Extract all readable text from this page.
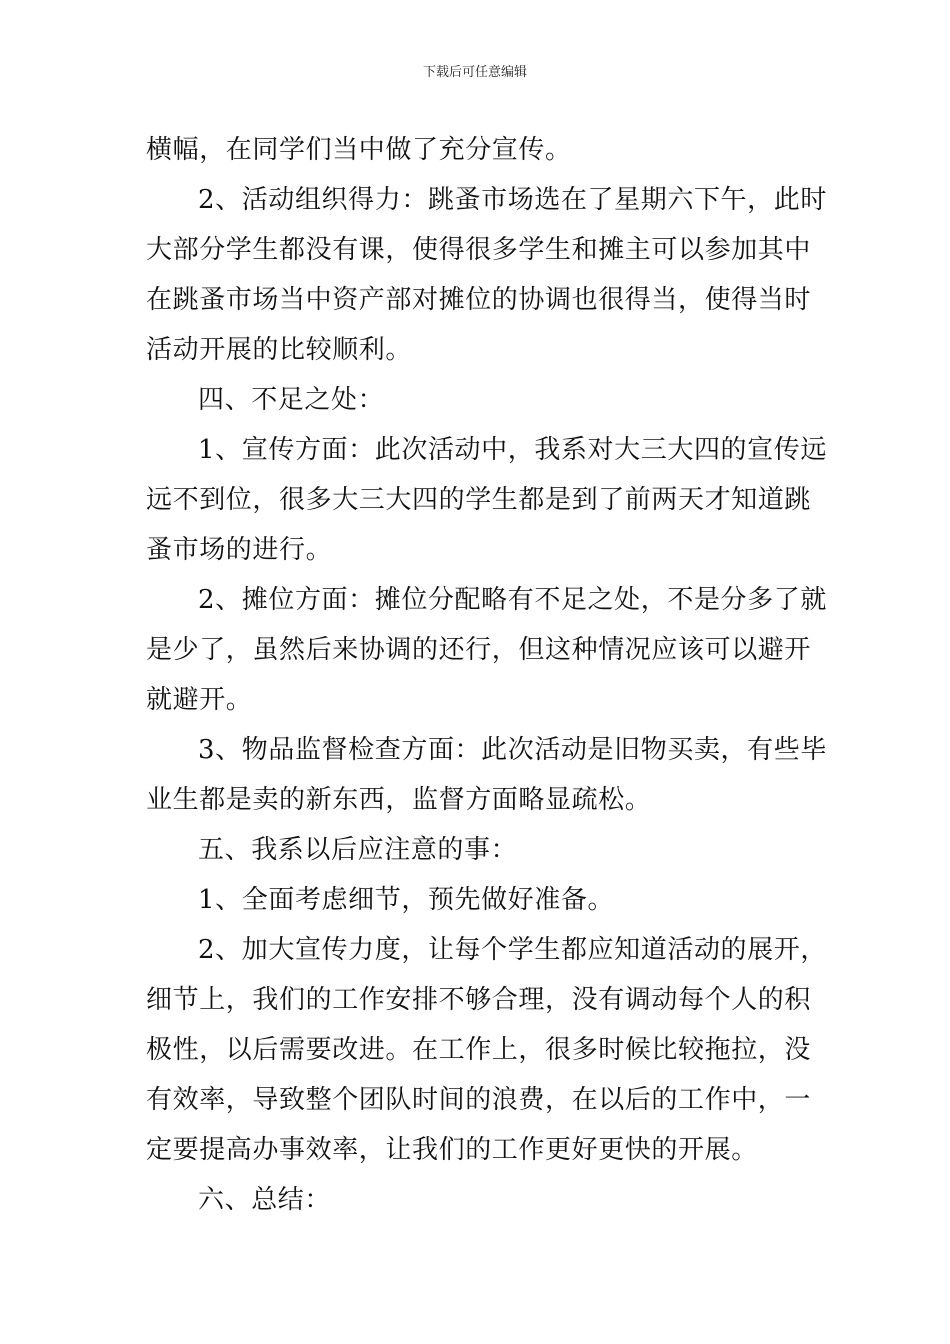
下载后可任意编辑
横幅，在同学们当中做了充分宣传。
2、活动组织得力：跳蚤市场选在了星期六下午，此时
大部分学生都没有课，使得很多学生和摊主可以参加其中
在跳蚤市场当中资产部对摊位的协调也很得当，使得当时
活动开展的比较顺利。
四、不足之处：
1、宣传方面：此次活动中，我系对大三大四的宣传远
远不到位，很多大三大四的学生都是到了前两天才知道跳
蚤市场的进行。
2、摊位方面：摊位分配略有不足之处，不是分多了就
是少了，虽然后来协调的还行，但这种情况应该可以避开
就避开。
3、物品监督检查方面：此次活动是旧物买卖，有些毕
业生都是卖的新东西，监督方面略显疏松。
五、我系以后应注意的事：
1、全面考虑细节，预先做好准备。
2、加大宣传力度，让每个学生都应知道活动的展开，
细节上，我们的工作安排不够合理，没有调动每个人的积
极性，以后需要改进。在工作上，很多时候比较拖拉，没
有效率，导致整个团队时间的浪费，在以后的工作中，一
定要提高办事效率，让我们的工作更好更快的开展。
六、总结：
